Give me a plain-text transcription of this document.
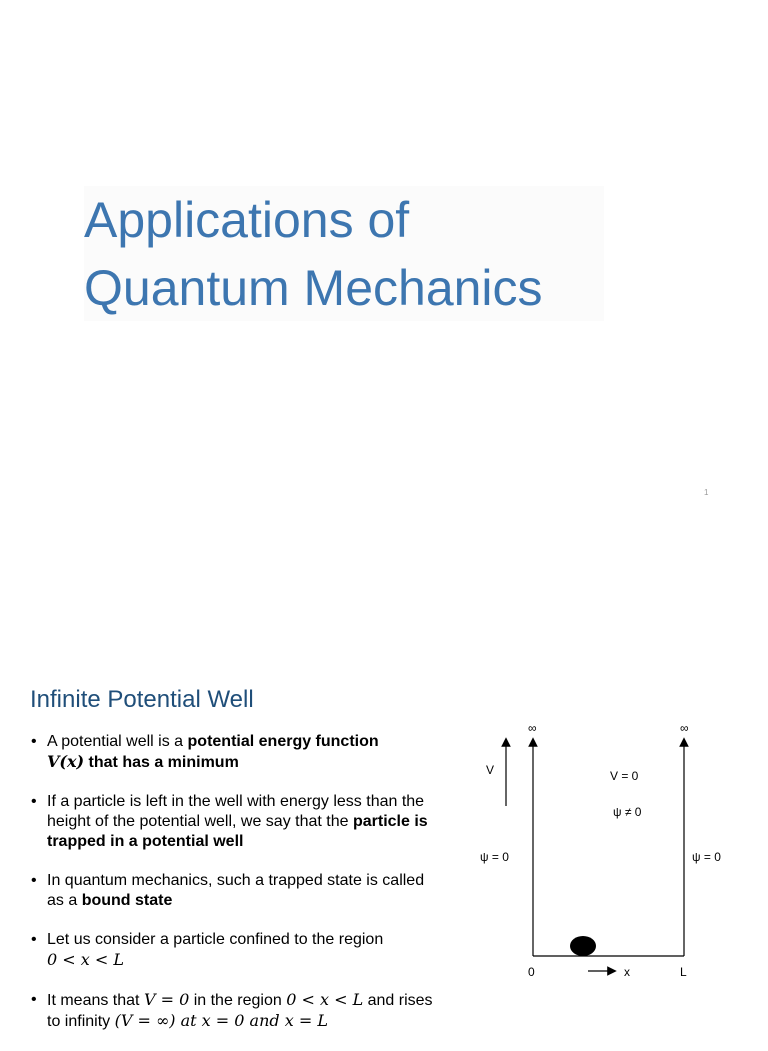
Applications of
Quantum Mechanics
1
Infinite Potential Well
• A potential well is a potential energy function
V(x) that has a minimum
• If a particle is left in the well with energy less than the height of the potential well, we say that the particle is trapped in a potential well
• In quantum mechanics, such a trapped state is called as a bound state
• Let us consider a particle confined to the region
0 < x < L
• It means that V = 0 in the region 0 < x < L and rises to infinity (V = ∞) at x = 0 and x = L
V
∞	∞
V = 0
ψ ≠ 0
ψ = 0	ψ = 0
0	x	L
